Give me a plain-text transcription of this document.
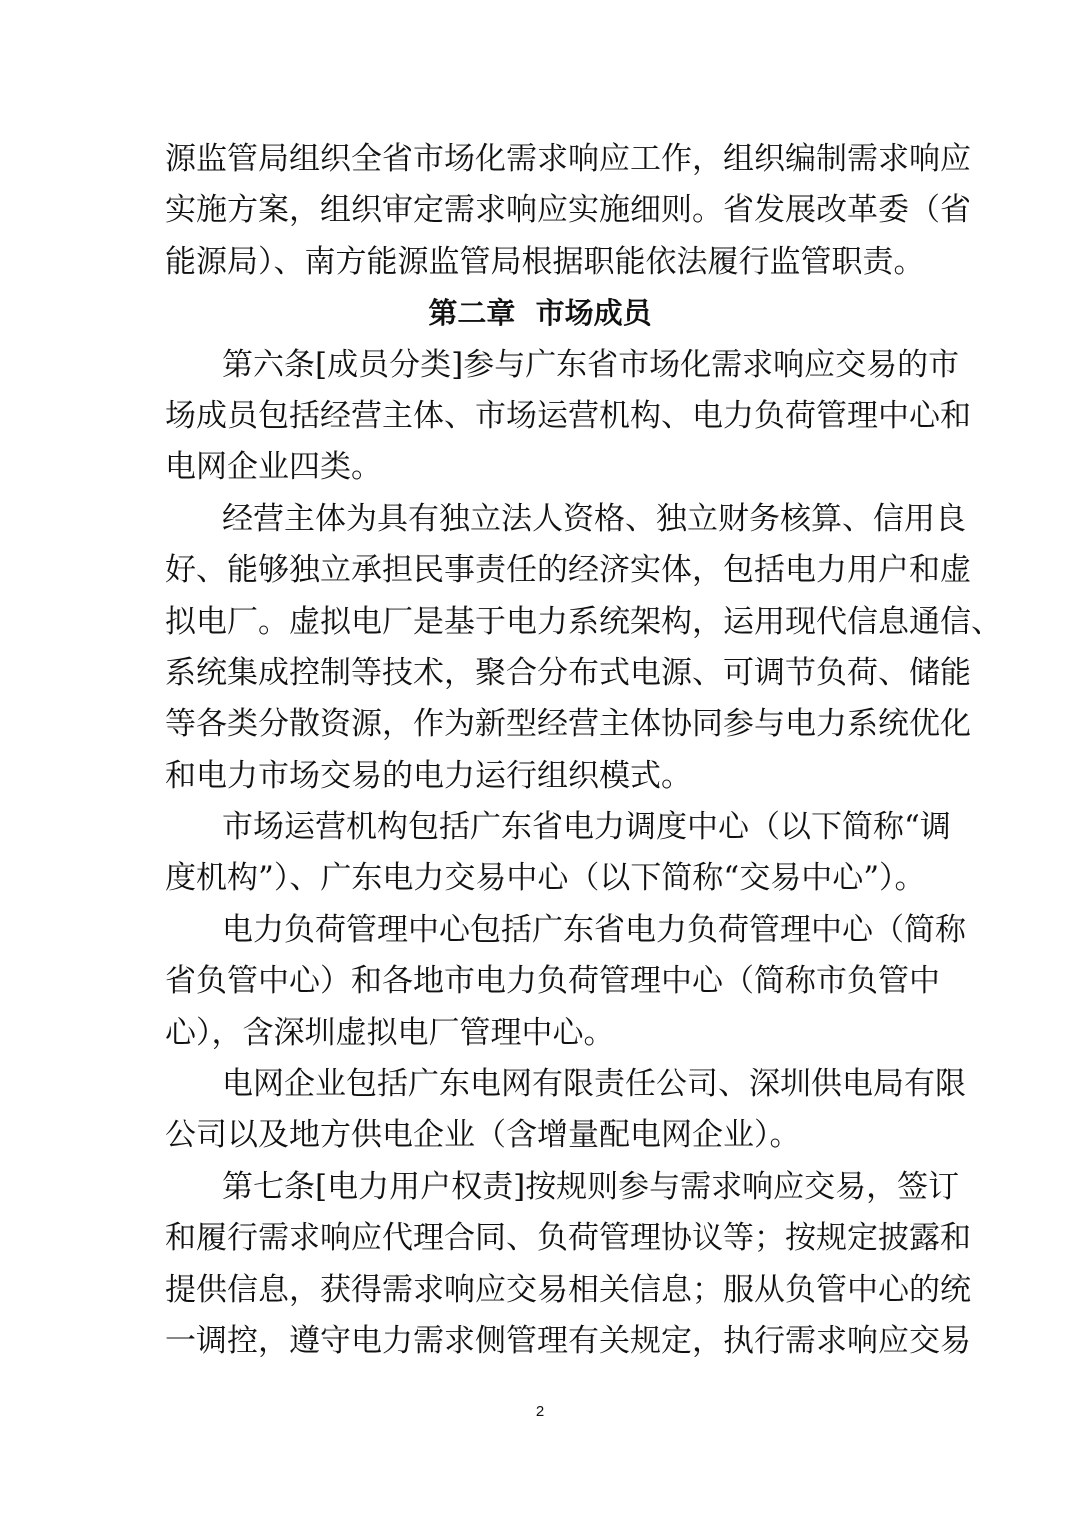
源监管局组织全省市场化需求响应工作，组织编制需求响应
实施方案，组织审定需求响应实施细则。省发展改革委（省
能源局）、南方能源监管局根据职能依法履行监管职责。
第二章  市场成员
第六条[成员分类]参与广东省市场化需求响应交易的市
场成员包括经营主体、市场运营机构、电力负荷管理中心和
电网企业四类。
经营主体为具有独立法人资格、独立财务核算、信用良
好、能够独立承担民事责任的经济实体，包括电力用户和虚
拟电厂。虚拟电厂是基于电力系统架构，运用现代信息通信、
系统集成控制等技术，聚合分布式电源、可调节负荷、储能
等各类分散资源，作为新型经营主体协同参与电力系统优化
和电力市场交易的电力运行组织模式。
市场运营机构包括广东省电力调度中心（以下简称“调
度机构”）、广东电力交易中心（以下简称“交易中心”）。
电力负荷管理中心包括广东省电力负荷管理中心（简称
省负管中心）和各地市电力负荷管理中心（简称市负管中
心），含深圳虚拟电厂管理中心。
电网企业包括广东电网有限责任公司、深圳供电局有限
公司以及地方供电企业（含增量配电网企业）。
第七条[电力用户权责]按规则参与需求响应交易，签订
和履行需求响应代理合同、负荷管理协议等；按规定披露和
提供信息，获得需求响应交易相关信息；服从负管中心的统
一调控，遵守电力需求侧管理有关规定，执行需求响应交易
2
